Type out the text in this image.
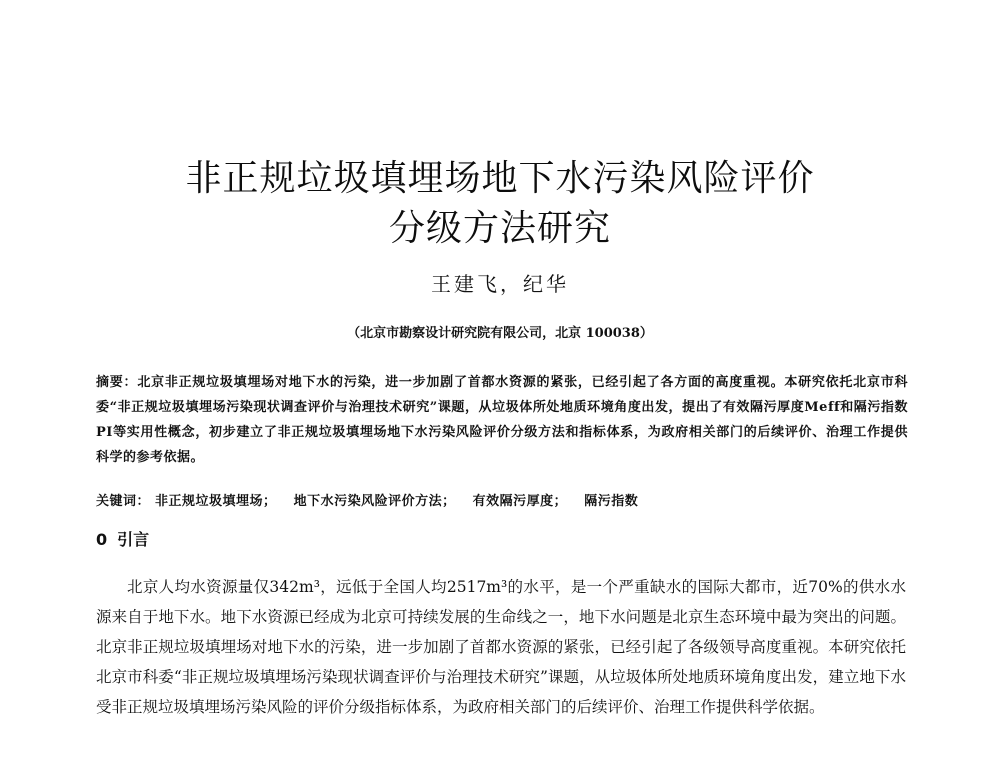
非正规垃圾填埋场地下水污染风险评价
分级方法研究
王建飞，纪华
（北京市勘察设计研究院有限公司，北京 100038）
摘要：北京非正规垃圾填埋场对地下水的污染，进一步加剧了首都水资源的紧张，已经引起了各方面的高度重视。本研究依托北京市科委“非正规垃圾填埋场污染现状调查评价与治理技术研究”课题，从垃圾体所处地质环境角度出发，提出了有效隔污厚度Meff和隔污指数PI等实用性概念，初步建立了非正规垃圾填埋场地下水污染风险评价分级方法和指标体系，为政府相关部门的后续评价、治理工作提供科学的参考依据。
关键词： 非正规垃圾填埋场； 地下水污染风险评价方法； 有效隔污厚度； 隔污指数
0 引言
北京人均水资源量仅342m³，远低于全国人均2517m³的水平，是一个严重缺水的国际大都市，近70%的供水水源来自于地下水。地下水资源已经成为北京可持续发展的生命线之一，地下水问题是北京生态环境中最为突出的问题。北京非正规垃圾填埋场对地下水的污染，进一步加剧了首都水资源的紧张，已经引起了各级领导高度重视。本研究依托北京市科委“非正规垃圾填埋场污染现状调查评价与治理技术研究”课题，从垃圾体所处地质环境角度出发，建立地下水受非正规垃圾填埋场污染风险的评价分级指标体系，为政府相关部门的后续评价、治理工作提供科学依据。
